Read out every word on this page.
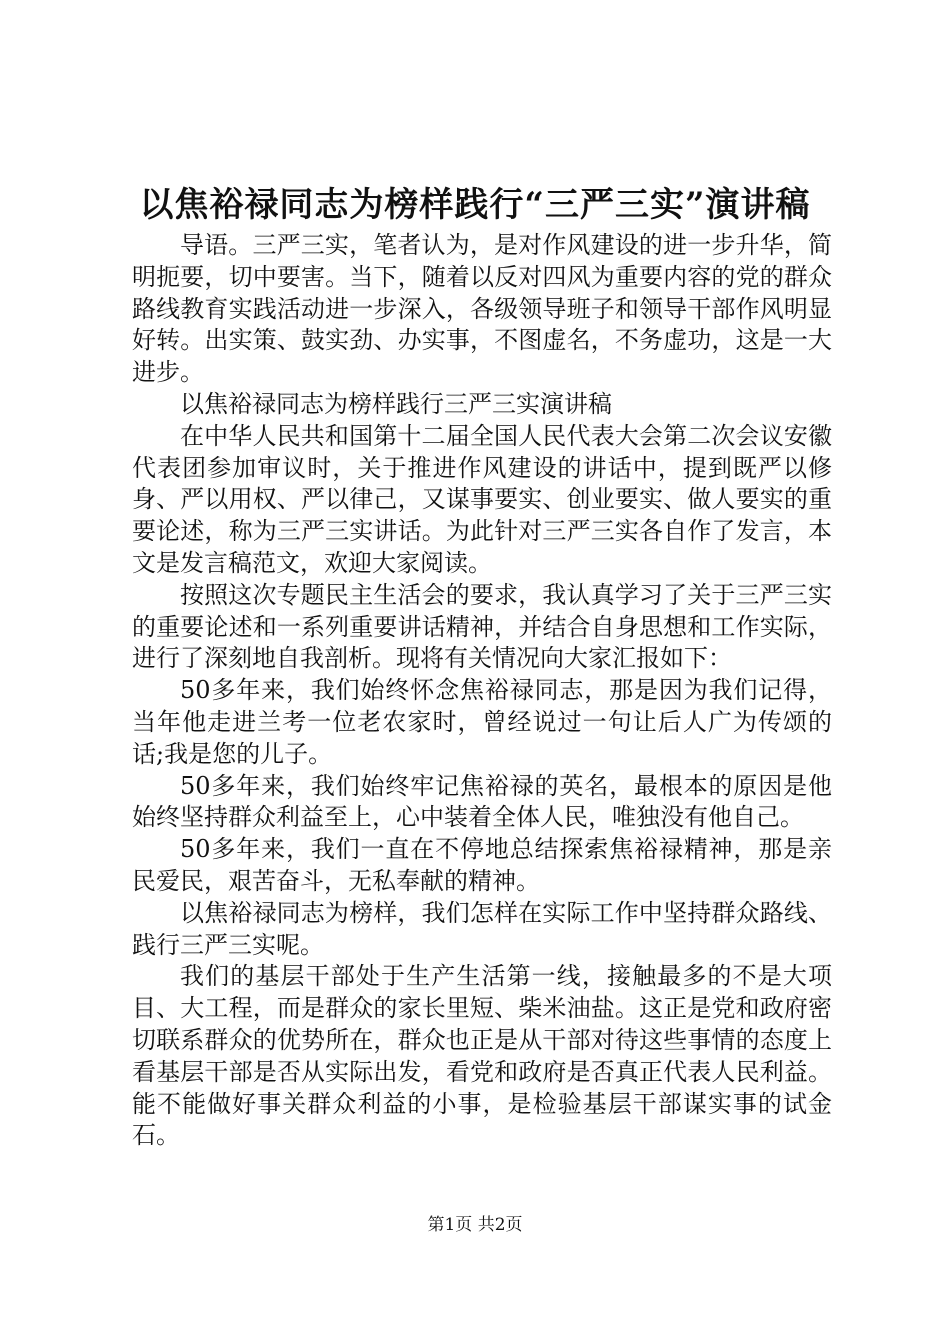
以焦裕禄同志为榜样践行“三严三实”演讲稿

导语。三严三实，笔者认为，是对作风建设的进一步升华，简明扼要，切中要害。当下，随着以反对四风为重要内容的党的群众路线教育实践活动进一步深入，各级领导班子和领导干部作风明显好转。出实策、鼓实劲、办实事，不图虚名，不务虚功，这是一大进步。

以焦裕禄同志为榜样践行三严三实演讲稿

在中华人民共和国第十二届全国人民代表大会第二次会议安徽代表团参加审议时，关于推进作风建设的讲话中，提到既严以修身、严以用权、严以律己，又谋事要实、创业要实、做人要实的重要论述，称为三严三实讲话。为此针对三严三实各自作了发言，本文是发言稿范文，欢迎大家阅读。

按照这次专题民主生活会的要求，我认真学习了关于三严三实的重要论述和一系列重要讲话精神，并结合自身思想和工作实际，进行了深刻地自我剖析。现将有关情况向大家汇报如下：

50多年来，我们始终怀念焦裕禄同志，那是因为我们记得，当年他走进兰考一位老农家时，曾经说过一句让后人广为传颂的话;我是您的儿子。

50多年来，我们始终牢记焦裕禄的英名，最根本的原因是他始终坚持群众利益至上，心中装着全体人民，唯独没有他自己。

50多年来，我们一直在不停地总结探索焦裕禄精神，那是亲民爱民，艰苦奋斗，无私奉献的精神。

以焦裕禄同志为榜样，我们怎样在实际工作中坚持群众路线、践行三严三实呢。

我们的基层干部处于生产生活第一线，接触最多的不是大项目、大工程，而是群众的家长里短、柴米油盐。这正是党和政府密切联系群众的优势所在，群众也正是从干部对待这些事情的态度上看基层干部是否从实际出发，看党和政府是否真正代表人民利益。能不能做好事关群众利益的小事，是检验基层干部谋实事的试金石。

第1页 共2页
